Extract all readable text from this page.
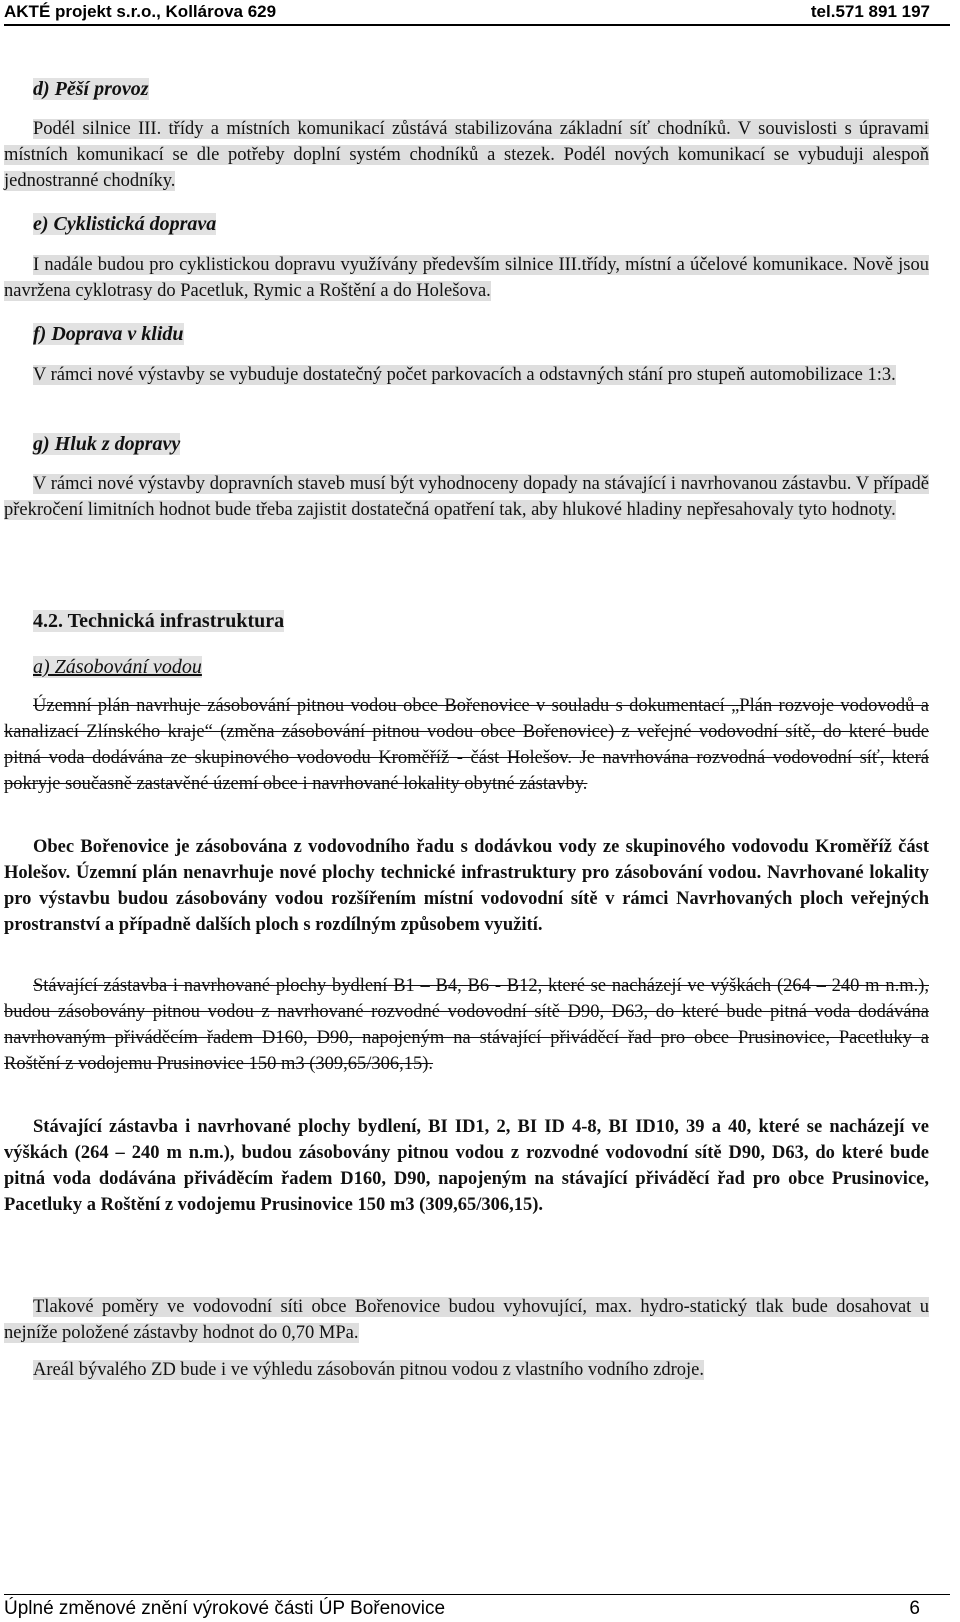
AKTÉ projekt s.r.o., Kollárova 629	tel.571 891 197

d) Pěší provoz

Podél silnice III. třídy a místních komunikací zůstává stabilizována základní síť chodníků. V souvislosti s úpravami místních komunikací se dle potřeby doplní systém chodníků a stezek. Podél nových komunikací se vybuduji alespoň jednostranné chodníky.

e) Cyklistická doprava

I nadále budou pro cyklistickou dopravu využívány především silnice III.třídy, místní a účelové komunikace. Nově jsou navržena cyklotrasy do Pacetluk, Rymic a Roštění a do Holešova.

f) Doprava v klidu

V rámci nové výstavby se vybuduje dostatečný počet parkovacích a odstavných stání pro stupeň automobilizace 1:3.

g) Hluk z dopravy

V rámci nové výstavby dopravních staveb musí být vyhodnoceny dopady na stávající i navrhovanou zástavbu. V případě překročení limitních hodnot bude třeba zajistit dostatečná opatření tak, aby hlukové hladiny nepřesahovaly tyto hodnoty.

4.2. Technická infrastruktura

a) Zásobování vodou

Územní plán navrhuje zásobování pitnou vodou obce Bořenovice v souladu s dokumentací „P​lán rozvoje vodovodů a kanalizací Zlínského kraje“ (změna zásobování pitnou vodou obce Bořenovice) z veřejné vodovodní sítě, do které bude pitná voda dodávána ze skupinového vodovodu Kroměříž - část Holešov. Je navrhována rozvodná vodovodní síť, která pokryje současně zastavěné území obce i navrhované lokality obytné zástavby.

Obec Bořenovice je zásobována z vodovodního řadu s dodávkou vody ze skupinového vodovodu Kroměříž část Holešov. Územní plán nenavrhuje nové plochy technické infrastruktury pro zásobování vodou. Navrhované lokality pro výstavbu budou zásobovány vodou rozšířením místní vodovodní sítě v rámci Navrhovaných ploch veřejných prostranství a případně dalších ploch s rozdílným způsobem využití.

Stávající zástavba i navrhované plochy bydlení B1 – B4, B6 - B12, které se nacházejí ve výškách (264 – 240 m n.m.), budou zásobovány pitnou vodou z navrhované rozvodné vodovodní sítě D90, D63, do které bude pitná voda dodávána navrhovaným přiváděcím řadem D160, D90, napojeným na stávající přiváděcí řad pro obce Prusinovice, Pacetluky a Roštění z vodojemu Prusinovice 150 m3 (309,65/306,15).

Stávající zástavba i navrhované plochy bydlení, BI ID1, 2, BI ID 4-8, BI ID10, 39 a 40, které se nacházejí ve výškách (264 – 240 m n.m.), budou zásobovány pitnou vodou z rozvodné vodovodní sítě D90, D63, do které bude pitná voda dodávána přiváděcím řadem D160, D90, napojeným na stávající přiváděcí řad pro obce Prusinovice, Pacetluky a Roštění z vodojemu Prusinovice 150 m3 (309,65/306,15).

Tlakové poměry ve vodovodní síti obce Bořenovice budou vyhovující, max. hydro-statický tlak bude dosahovat u nejníže položené zástavby hodnot do 0,70 MPa.

Areál bývalého ZD bude i ve výhledu zásobován pitnou vodou z vlastního vodního zdroje.

Úplné změnové znění výrokové části ÚP Bořenovice	6
